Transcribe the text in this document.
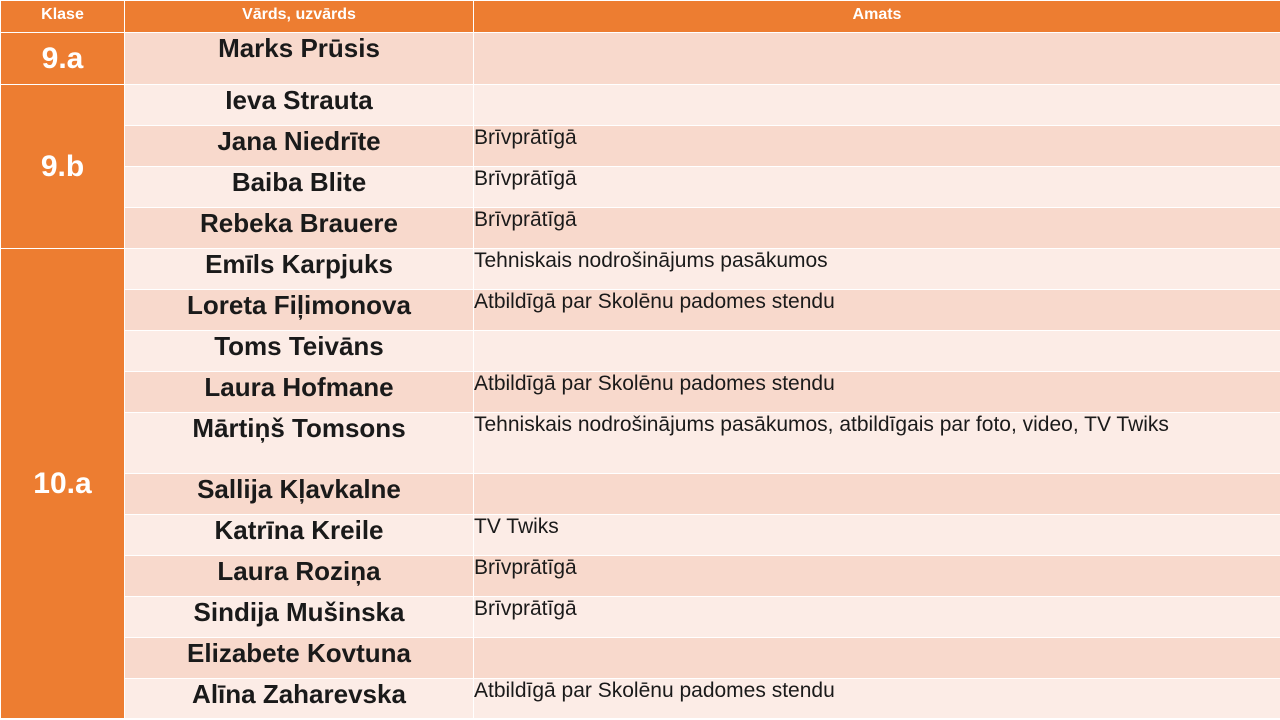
Klase	Vārds, uzvārds	Amats
9.a	Marks Prūsis	
9.b	Ieva Strauta	
	Jana Niedrīte	Brīvprātīgā
	Baiba Blite	Brīvprātīgā
	Rebeka Brauere	Brīvprātīgā
10.a	Emīls Karpjuks	Tehniskais nodrošinājums pasākumos
	Loreta Fiļimonova	Atbildīgā par Skolēnu padomes stendu
	Toms Teivāns	
	Laura Hofmane	Atbildīgā par Skolēnu padomes stendu
	Mārtiņš Tomsons	Tehniskais nodrošinājums pasākumos, atbildīgais par foto, video, TV Twiks
	Sallija Kļavkalne	
	Katrīna Kreile	TV Twiks
	Laura Roziņa	Brīvprātīgā
	Sindija Mušinska	Brīvprātīgā
	Elizabete Kovtuna	
	Alīna Zaharevska	Atbildīgā par Skolēnu padomes stendu
